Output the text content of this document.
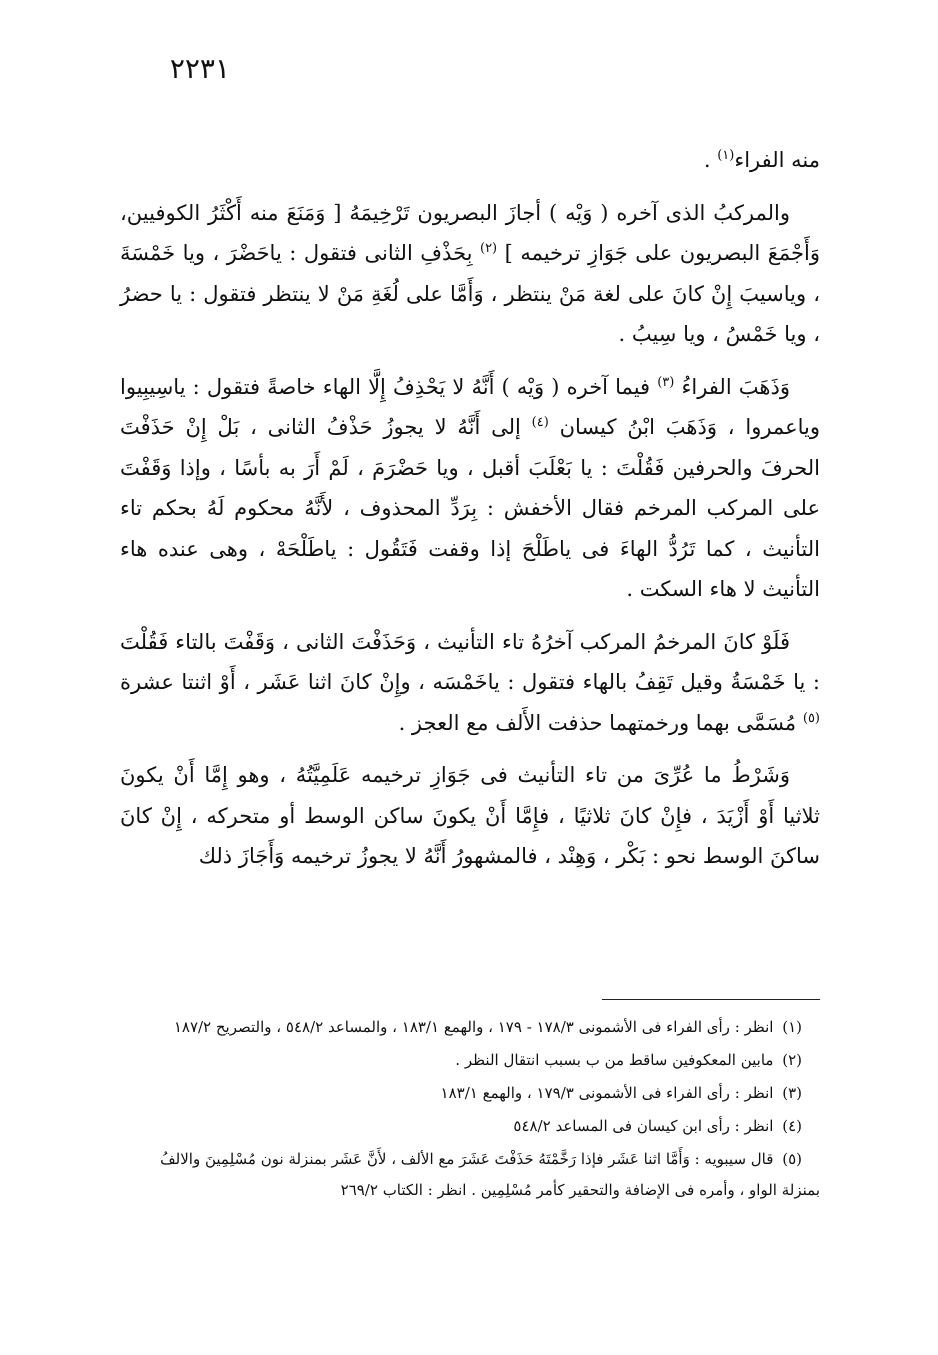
٢٢٣١

منه الفراء$^{(١)}$ .

والمركبُ الذى آخره ( وَيْه ) أجازَ البصريون تَرْخِيمَهُ [ وَمَنَعَ منه أَكْثَرُ الكوفيين، وَأَجْمَعَ البصريون على جَوَازِ ترخيمه ] $^{(٢)}$ بِحَذْفِ الثانى فتقول : ياحَضْرَ ، ويا خَمْسَةَ ، وياسيبَ إِنْ كانَ على لغة مَنْ ينتظر ، وَأَمَّا على لُغَةِ مَنْ لا ينتظر فتقول : يا حضرُ ، ويا خَمْسُ ، ويا سِيبُ .

وَذَهَبَ الفراءُ $^{(٣)}$ فيما آخره ( وَيْه ) أَنَّهُ لا يَحْذِفُ إِلَّا الهاء خاصةً فتقول : ياسِيبِيوا وياعمروا ، وَذَهَبَ ابْنُ كيسان $^{(٤)}$ إلى أَنَّهُ لا يجوزُ حَذْفُ الثانى ، بَلْ إِنْ حَذَفْتَ الحرفَ والحرفين فَقُلْتَ : يا بَعْلَبَ أقبل ، ويا حَضْرَمَ ، لَمْ أَرَ به بأسًا ، وإذا وَقَفْتَ على المركب المرخم فقال الأخفش : بِرَدِّ المحذوف ، لأَنَّهُ محكوم لَهُ بحكم تاء التأنيث ، كما تَرُدُّ الهاءَ فى ياطَلْحَ إذا وقفت فَتَقُول : ياطَلْحَهْ ، وهى عنده هاء التأنيث لا هاء السكت .

فَلَوْ كانَ المرخمُ المركب آخرُهُ تاء التأنيث ، وَحَذَفْتَ الثانى ، وَقَفْتَ بالتاء فَقُلْتَ : يا خَمْسَةُ وقيل تَقِفُ بالهاء فتقول : ياخَمْسَه ، وإِنْ كانَ اثنا عَشَر ، أَوْ اثنتا عشرة $^{(٥)}$ مُسَمَّى بهما ورخمتهما حذفت الأَلف مع العجز .

وَشَرْطُ ما عُرِّىَ من تاء التأنيث فى جَوَازِ ترخيمه عَلَمِيَّتُهُ ، وهو إِمَّا أَنْ يكونَ ثلاثيا أَوْ أَزْيَدَ ، فإِنْ كانَ ثلاثيًا ، فإِمَّا أَنْ يكونَ ساكن الوسط أو متحركه ، إِنْ كانَ ساكنَ الوسط نحو : بَكْر ، وَهِنْد ، فالمشهورُ أَنَّهُ لا يجوزُ ترخيمه وَأَجَازَ ذلك

(١) انظر : رأى الفراء فى الأشمونى ١٧٨/٣ - ١٧٩ ، والهمع ١٨٣/١ ، والمساعد ٥٤٨/٢ ، والتصريح ١٨٧/٢

(٢) مابين المعكوفين ساقط من ب بسبب انتقال النظر .

(٣) انظر : رأى الفراء فى الأشمونى ١٧٩/٣ ، والهمع ١٨٣/١

(٤) انظر : رأى ابن كيسان فى المساعد ٥٤٨/٢

(٥) قال سيبويه : وَأَمَّا اثنا عَشَر فإذا رَخَّمْتَهُ حَذَفْتَ عَشَرَ مع الألف ، لأَنَّ عَشَر بمنزلة نون مُسْلِمِينَ والالفُ بمنزلة الواو ، وأمره فى الإضافة والتحقير كأمر مُسْلِمِين . انظر : الكتاب ٢٦٩/٢
